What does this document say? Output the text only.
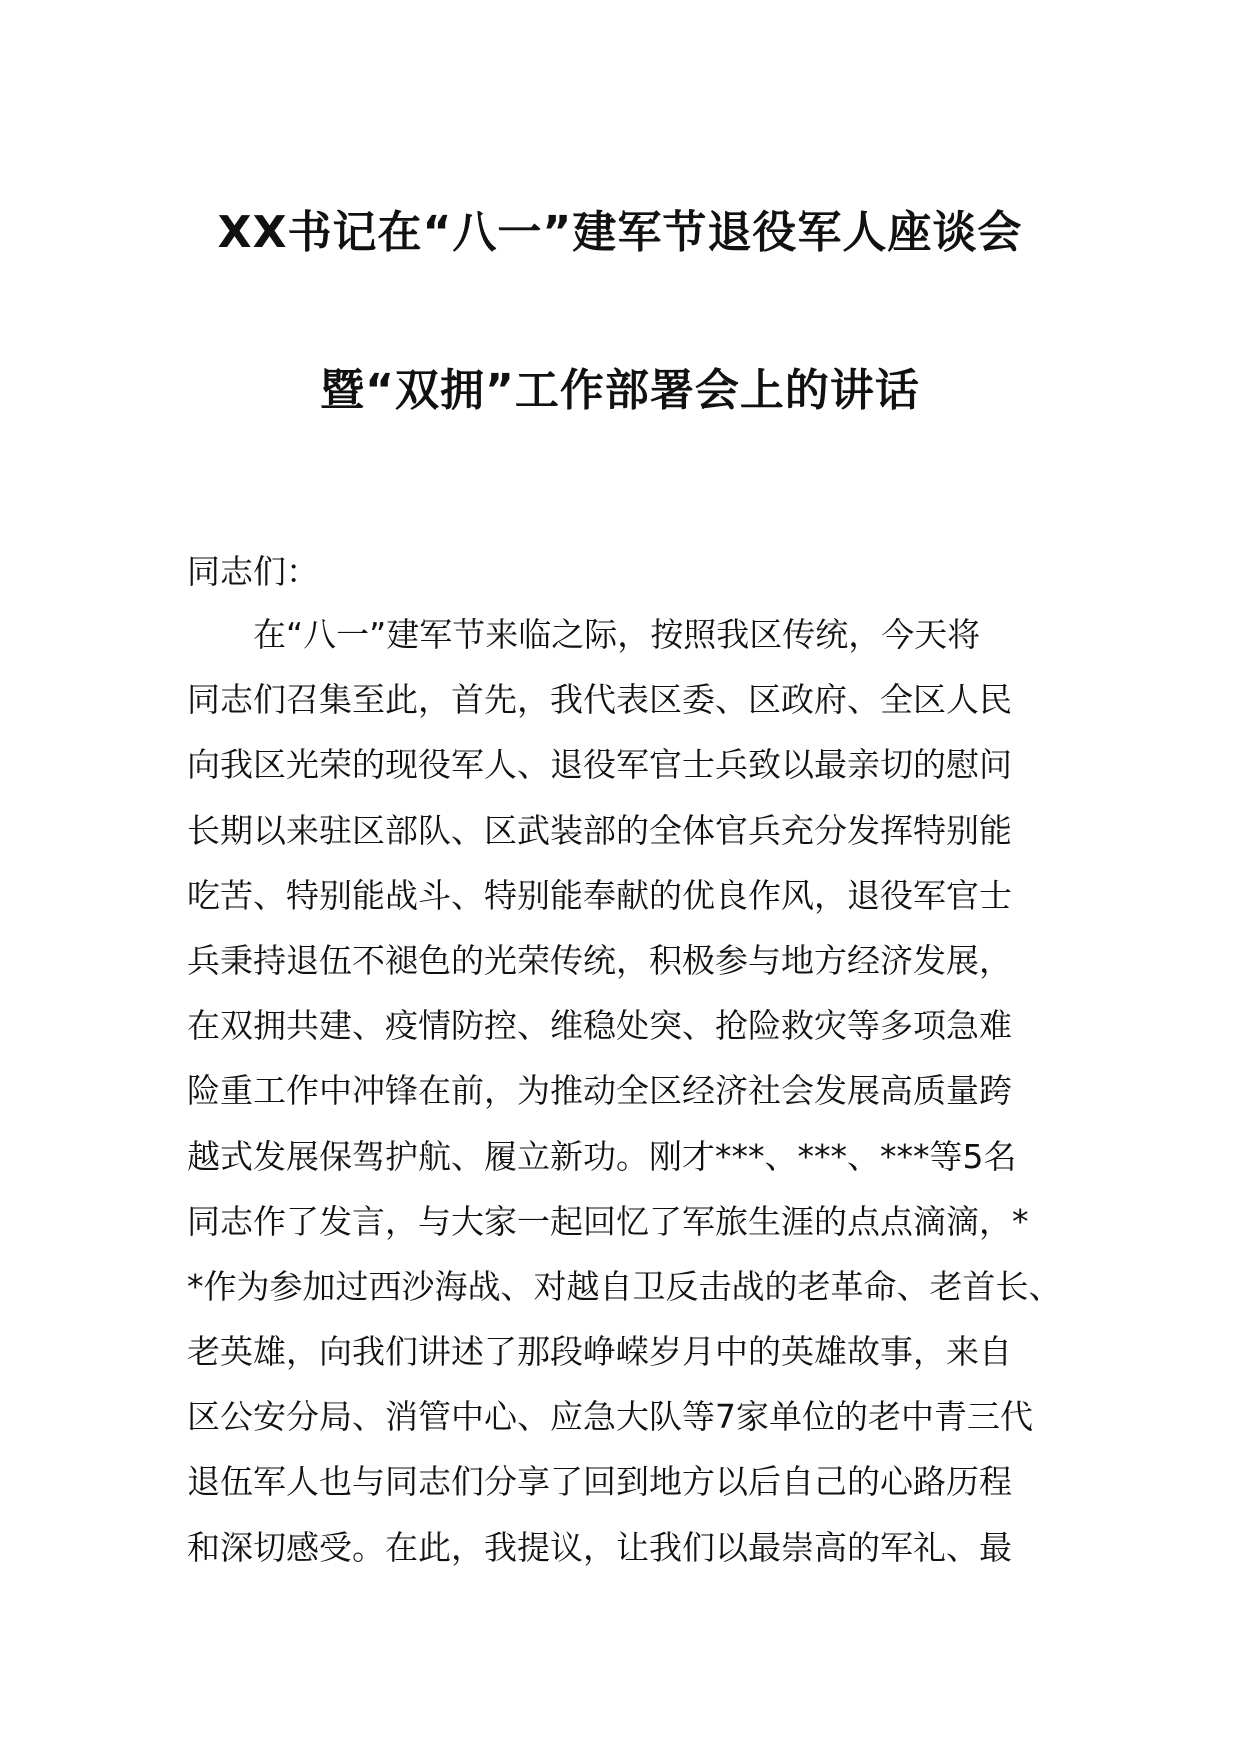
XX书记在“八一”建军节退役军人座谈会
暨“双拥”工作部署会上的讲话
同志们：
在“八一”建军节来临之际，按照我区传统，今天将
同志们召集至此，首先，我代表区委、区政府、全区人民
向我区光荣的现役军人、退役军官士兵致以最亲切的慰问
长期以来驻区部队、区武装部的全体官兵充分发挥特别能
吃苦、特别能战斗、特别能奉献的优良作风，退役军官士
兵秉持退伍不褪色的光荣传统，积极参与地方经济发展，
在双拥共建、疫情防控、维稳处突、抢险救灾等多项急难
险重工作中冲锋在前，为推动全区经济社会发展高质量跨
越式发展保驾护航、履立新功。刚才***、***、***等5名
同志作了发言，与大家一起回忆了军旅生涯的点点滴滴，*
*作为参加过西沙海战、对越自卫反击战的老革命、老首长、
老英雄，向我们讲述了那段峥嵘岁月中的英雄故事，来自
区公安分局、消管中心、应急大队等7家单位的老中青三代
退伍军人也与同志们分享了回到地方以后自己的心路历程
和深切感受。在此，我提议，让我们以最崇高的军礼、最
